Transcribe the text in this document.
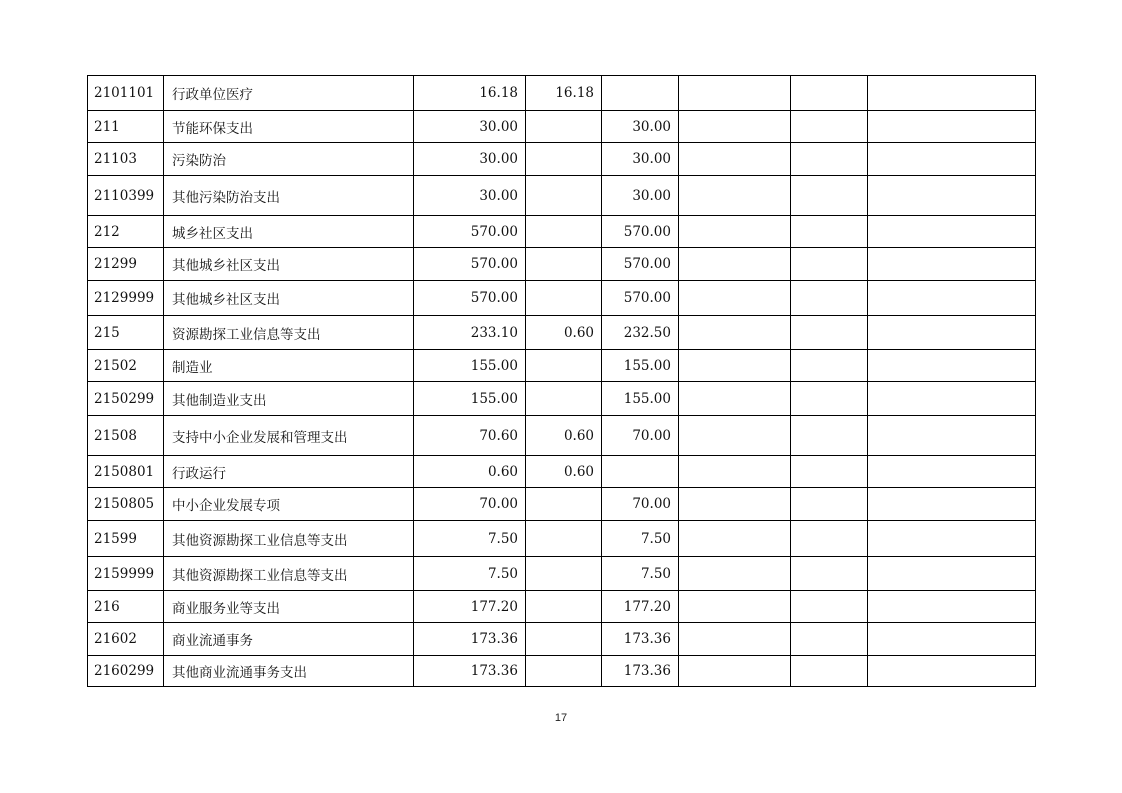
2101101	行政单位医疗	16.18	16.18				
211	节能环保支出	30.00		30.00			
21103	污染防治	30.00		30.00			
2110399	其他污染防治支出	30.00		30.00			
212	城乡社区支出	570.00		570.00			
21299	其他城乡社区支出	570.00		570.00			
2129999	其他城乡社区支出	570.00		570.00			
215	资源勘探工业信息等支出	233.10	0.60	232.50			
21502	制造业	155.00		155.00			
2150299	其他制造业支出	155.00		155.00			
21508	支持中小企业发展和管理支出	70.60	0.60	70.00			
2150801	行政运行	0.60	0.60				
2150805	中小企业发展专项	70.00		70.00			
21599	其他资源勘探工业信息等支出	7.50		7.50			
2159999	其他资源勘探工业信息等支出	7.50		7.50			
216	商业服务业等支出	177.20		177.20			
21602	商业流通事务	173.36		173.36			
2160299	其他商业流通事务支出	173.36		173.36			
17
